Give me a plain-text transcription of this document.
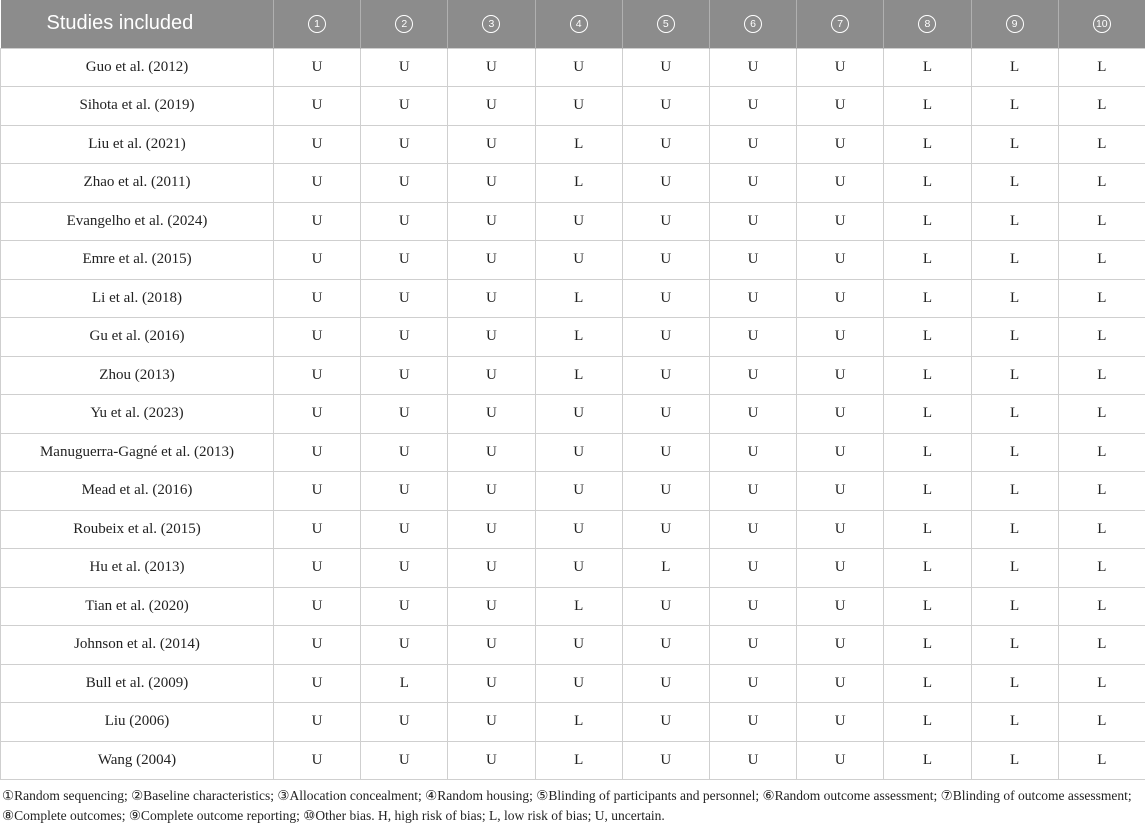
Studies included	1	2	3	4	5	6	7	8	9	10
Guo et al. (2012)	U	U	U	U	U	U	U	L	L	L
Sihota et al. (2019)	U	U	U	U	U	U	U	L	L	L
Liu et al. (2021)	U	U	U	L	U	U	U	L	L	L
Zhao et al. (2011)	U	U	U	L	U	U	U	L	L	L
Evangelho et al. (2024)	U	U	U	U	U	U	U	L	L	L
Emre et al. (2015)	U	U	U	U	U	U	U	L	L	L
Li et al. (2018)	U	U	U	L	U	U	U	L	L	L
Gu et al. (2016)	U	U	U	L	U	U	U	L	L	L
Zhou (2013)	U	U	U	L	U	U	U	L	L	L
Yu et al. (2023)	U	U	U	U	U	U	U	L	L	L
Manuguerra-Gagné et al. (2013)	U	U	U	U	U	U	U	L	L	L
Mead et al. (2016)	U	U	U	U	U	U	U	L	L	L
Roubeix et al. (2015)	U	U	U	U	U	U	U	L	L	L
Hu et al. (2013)	U	U	U	U	L	U	U	L	L	L
Tian et al. (2020)	U	U	U	L	U	U	U	L	L	L
Johnson et al. (2014)	U	U	U	U	U	U	U	L	L	L
Bull et al. (2009)	U	L	U	U	U	U	U	L	L	L
Liu (2006)	U	U	U	L	U	U	U	L	L	L
Wang (2004)	U	U	U	L	U	U	U	L	L	L

①Random sequencing; ②Baseline characteristics; ③Allocation concealment; ④Random housing; ⑤Blinding of participants and personnel; ⑥Random outcome assessment; ⑦Blinding of outcome assessment; ⑧Complete outcomes; ⑨Complete outcome reporting; ⑩Other bias. H, high risk of bias; L, low risk of bias; U, uncertain.
